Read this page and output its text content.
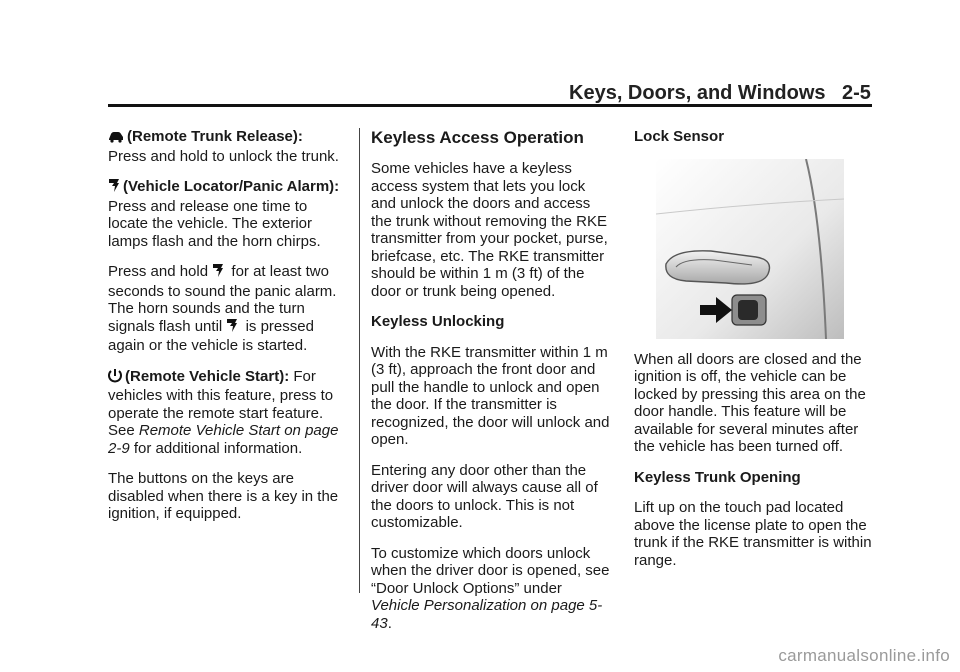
Keys, Doors, and Windows 2-5

(Remote Trunk Release):
Press and hold to unlock the trunk.

(Vehicle Locator/Panic Alarm): Press and release one time to locate the vehicle. The exterior lamps flash and the horn chirps.

Press and hold for at least two seconds to sound the panic alarm. The horn sounds and the turn signals flash until is pressed again or the vehicle is started.

(Remote Vehicle Start): For vehicles with this feature, press to operate the remote start feature. See Remote Vehicle Start on page 2-9 for additional information.

The buttons on the keys are disabled when there is a key in the ignition, if equipped.

Keyless Access Operation

Some vehicles have a keyless access system that lets you lock and unlock the doors and access the trunk without removing the RKE transmitter from your pocket, purse, briefcase, etc. The RKE transmitter should be within 1 m (3 ft) of the door or trunk being opened.

Keyless Unlocking

With the RKE transmitter within 1 m (3 ft), approach the front door and pull the handle to unlock and open the door. If the transmitter is recognized, the door will unlock and open.

Entering any door other than the driver door will always cause all of the doors to unlock. This is not customizable.

To customize which doors unlock when the driver door is opened, see “Door Unlock Options” under Vehicle Personalization on page 5-43.

Lock Sensor

When all doors are closed and the ignition is off, the vehicle can be locked by pressing this area on the door handle. This feature will be available for several minutes after the vehicle has been turned off.

Keyless Trunk Opening

Lift up on the touch pad located above the license plate to open the trunk if the RKE transmitter is within range.

carmanualsonline.info
